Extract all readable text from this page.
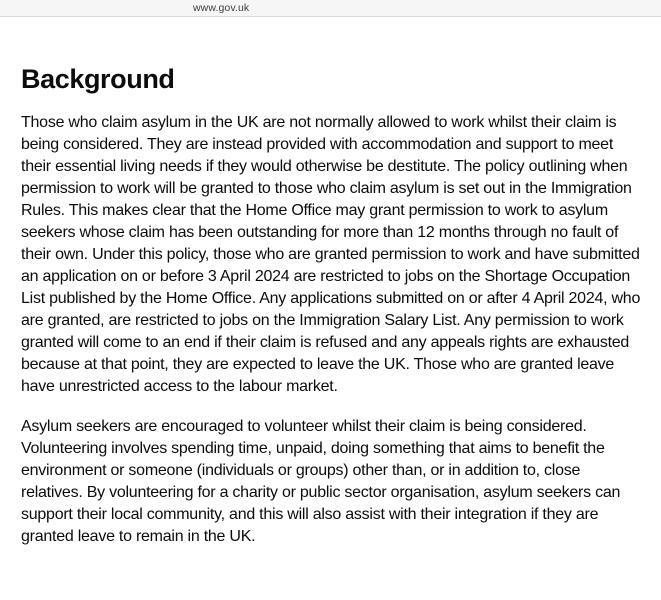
www.gov.uk
Background

Those who claim asylum in the UK are not normally allowed to work whilst their claim is being considered. They are instead provided with accommodation and support to meet their essential living needs if they would otherwise be destitute. The policy outlining when permission to work will be granted to those who claim asylum is set out in the Immigration Rules. This makes clear that the Home Office may grant permission to work to asylum seekers whose claim has been outstanding for more than 12 months through no fault of their own. Under this policy, those who are granted permission to work and have submitted an application on or before 3 April 2024 are restricted to jobs on the Shortage Occupation List published by the Home Office. Any applications submitted on or after 4 April 2024, who are granted, are restricted to jobs on the Immigration Salary List. Any permission to work granted will come to an end if their claim is refused and any appeals rights are exhausted because at that point, they are expected to leave the UK. Those who are granted leave have unrestricted access to the labour market.

Asylum seekers are encouraged to volunteer whilst their claim is being considered. Volunteering involves spending time, unpaid, doing something that aims to benefit the environment or someone (individuals or groups) other than, or in addition to, close relatives. By volunteering for a charity or public sector organisation, asylum seekers can support their local community, and this will also assist with their integration if they are granted leave to remain in the UK.
